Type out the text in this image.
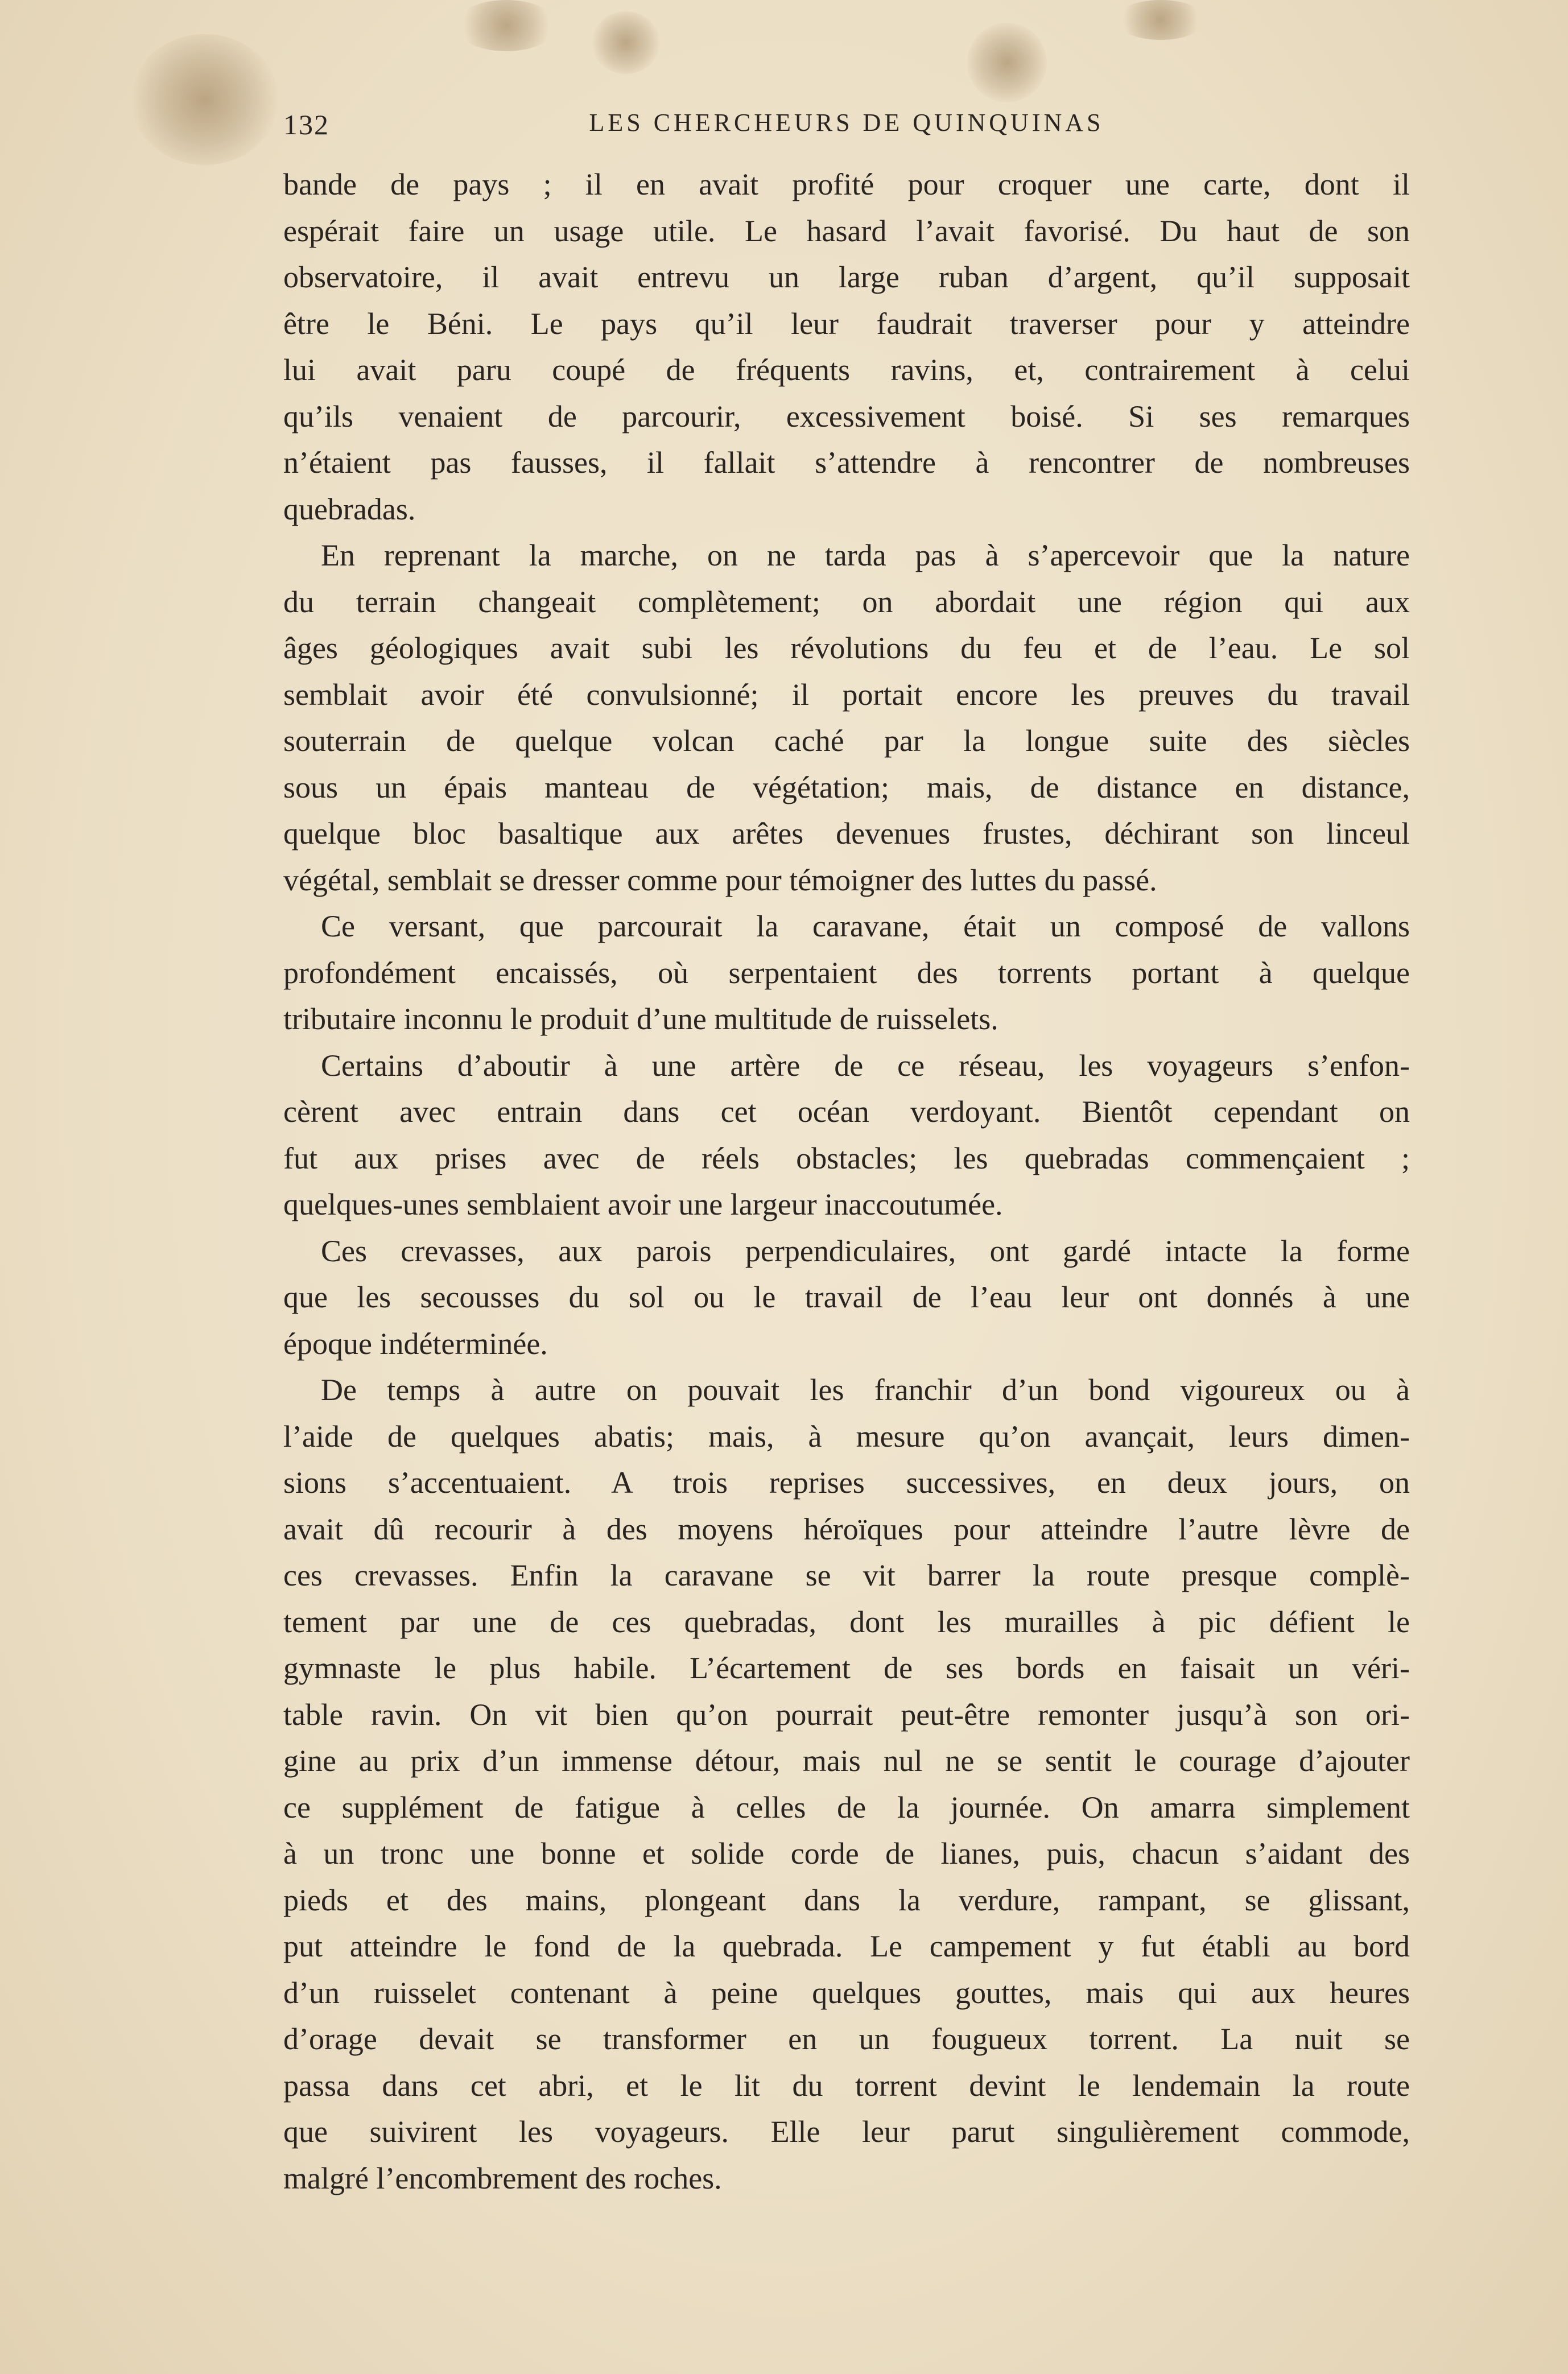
132	LES CHERCHEURS DE QUINQUINAS
bande de pays ; il en avait profité pour croquer une carte, dont il
espérait faire un usage utile. Le hasard l’avait favorisé. Du haut de son
observatoire, il avait entrevu un large ruban d’argent, qu’il supposait
être le Béni. Le pays qu’il leur faudrait traverser pour y atteindre
lui avait paru coupé de fréquents ravins, et, contrairement à celui
qu’ils venaient de parcourir, excessivement boisé. Si ses remarques
n’étaient pas fausses, il fallait s’attendre à rencontrer de nombreuses
quebradas.
En reprenant la marche, on ne tarda pas à s’apercevoir que la nature
du terrain changeait complètement; on abordait une région qui aux
âges géologiques avait subi les révolutions du feu et de l’eau. Le sol
semblait avoir été convulsionné; il portait encore les preuves du travail
souterrain de quelque volcan caché par la longue suite des siècles
sous un épais manteau de végétation; mais, de distance en distance,
quelque bloc basaltique aux arêtes devenues frustes, déchirant son linceul
végétal, semblait se dresser comme pour témoigner des luttes du passé.
Ce versant, que parcourait la caravane, était un composé de vallons
profondément encaissés, où serpentaient des torrents portant à quelque
tributaire inconnu le produit d’une multitude de ruisselets.
Certains d’aboutir à une artère de ce réseau, les voyageurs s’enfon-
cèrent avec entrain dans cet océan verdoyant. Bientôt cependant on
fut aux prises avec de réels obstacles; les quebradas commençaient ;
quelques-unes semblaient avoir une largeur inaccoutumée.
Ces crevasses, aux parois perpendiculaires, ont gardé intacte la forme
que les secousses du sol ou le travail de l’eau leur ont donnés à une
époque indéterminée.
De temps à autre on pouvait les franchir d’un bond vigoureux ou à
l’aide de quelques abatis; mais, à mesure qu’on avançait, leurs dimen-
sions s’accentuaient. A trois reprises successives, en deux jours, on
avait dû recourir à des moyens héroïques pour atteindre l’autre lèvre de
ces crevasses. Enfin la caravane se vit barrer la route presque complè-
tement par une de ces quebradas, dont les murailles à pic défient le
gymnaste le plus habile. L’écartement de ses bords en faisait un véri-
table ravin. On vit bien qu’on pourrait peut-être remonter jusqu’à son ori-
gine au prix d’un immense détour, mais nul ne se sentit le courage d’ajouter
ce supplément de fatigue à celles de la journée. On amarra simplement
à un tronc une bonne et solide corde de lianes, puis, chacun s’aidant des
pieds et des mains, plongeant dans la verdure, rampant, se glissant,
put atteindre le fond de la quebrada. Le campement y fut établi au bord
d’un ruisselet contenant à peine quelques gouttes, mais qui aux heures
d’orage devait se transformer en un fougueux torrent. La nuit se
passa dans cet abri, et le lit du torrent devint le lendemain la route
que suivirent les voyageurs. Elle leur parut singulièrement commode,
malgré l’encombrement des roches.
